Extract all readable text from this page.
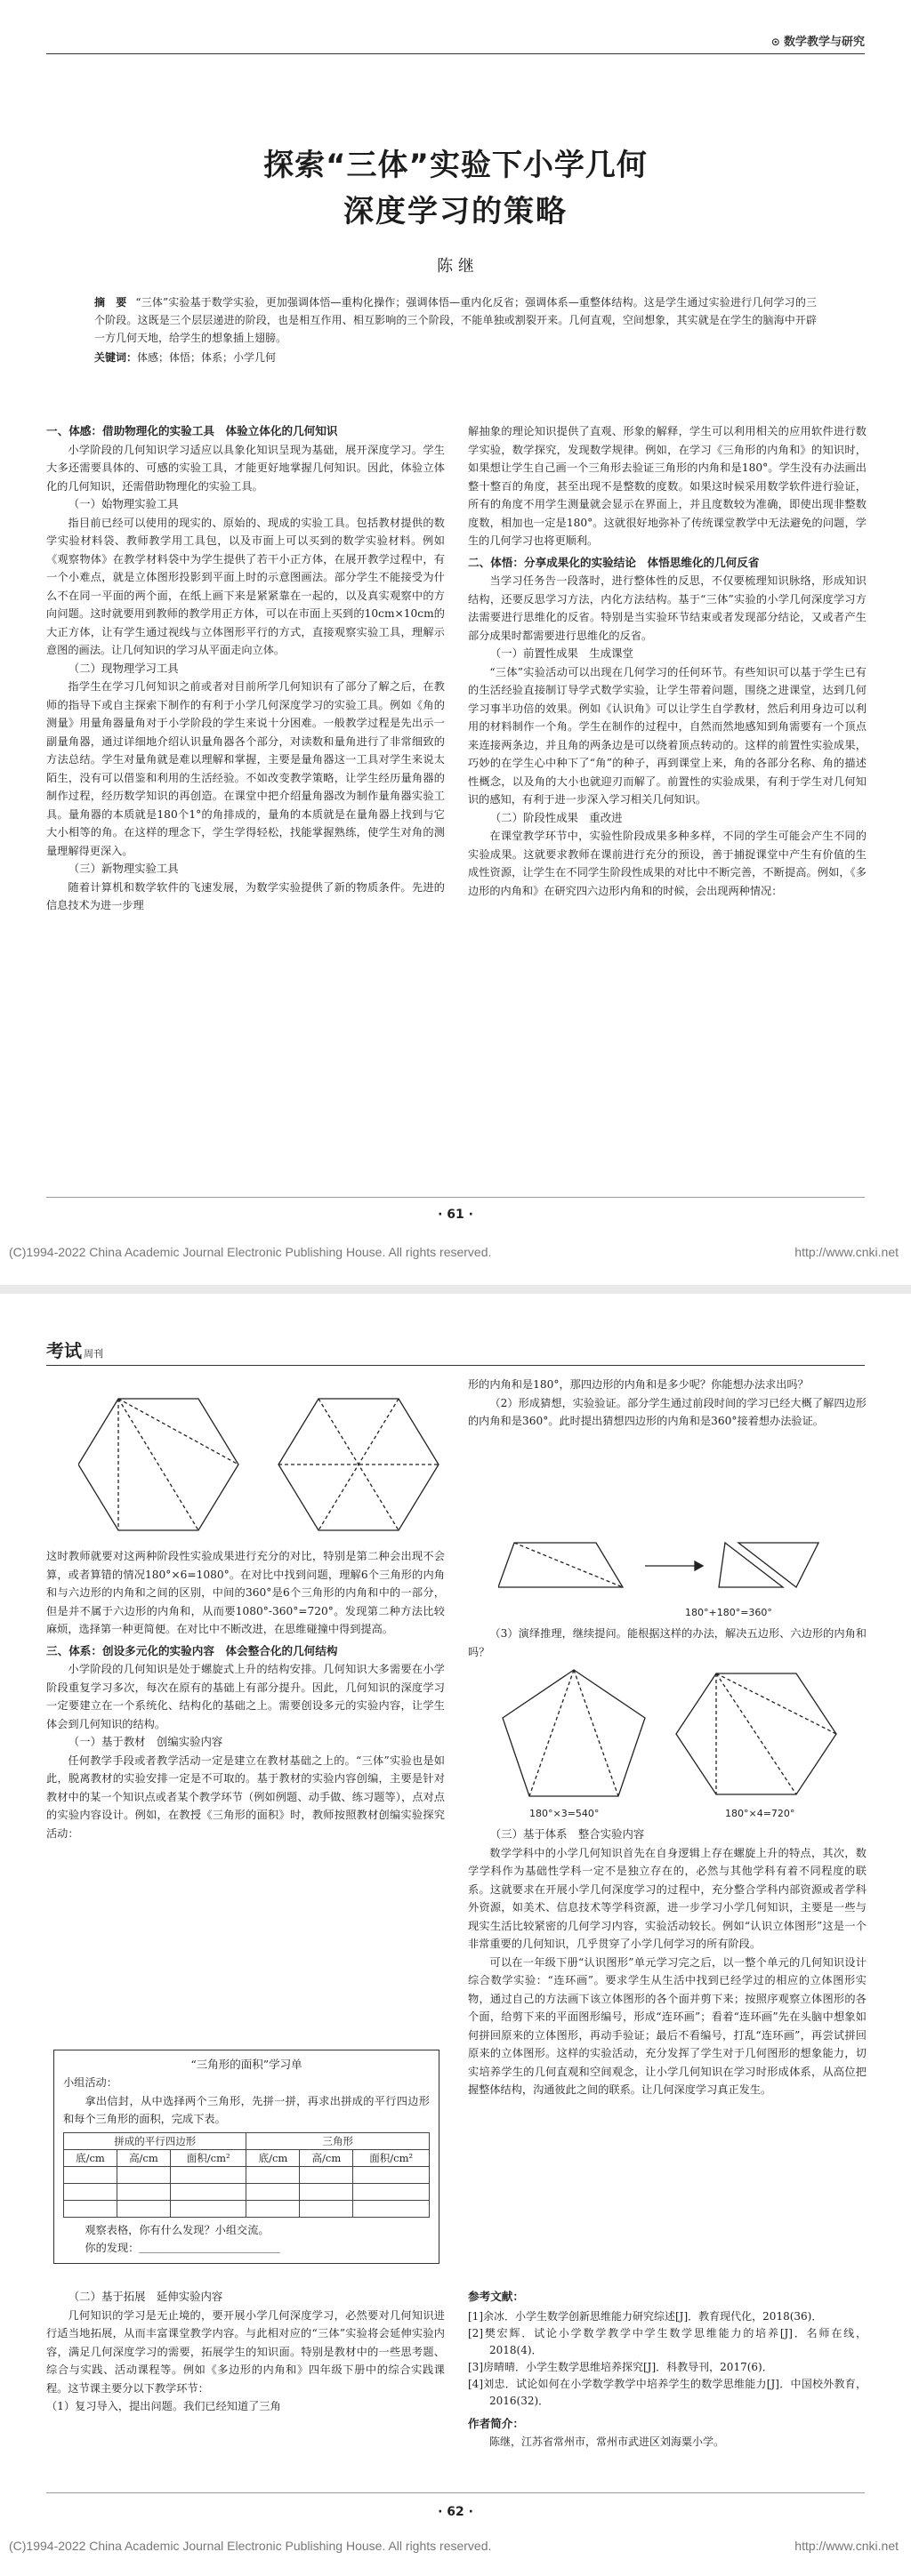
⊙ 数学教学与研究
探索“三体”实验下小学几何
深度学习的策略
陈 继

摘　要 “三体”实验基于数学实验，更加强调体悟—重构化操作；强调体悟—重内化反省；强调体系—重整体结构。这是学生通过实验进行几何学习的三个阶段。这既是三个层层递进的阶段，也是相互作用、相互影响的三个阶段，不能单独或割裂开来。几何直观，空间想象，其实就是在学生的脑海中开辟一方几何天地，给学生的想象插上翅膀。

关键词：体感；体悟；体系；小学几何

一、体感：借助物理化的实验工具　体验立体化的几何知识

小学阶段的几何知识学习适应以具象化知识呈现为基础，展开深度学习。学生大多还需要具体的、可感的实验工具，才能更好地掌握几何知识。因此，体验立体化的几何知识，还需借助物理化的实验工具。

（一）始物理实验工具

指目前已经可以使用的现实的、原始的、现成的实验工具。包括教材提供的数学实验材料袋、教师教学用工具包，以及市面上可以买到的数学实验材料。例如《观察物体》在教学材料袋中为学生提供了若干小正方体，在展开教学过程中，有一个小难点，就是立体图形投影到平面上时的示意图画法。部分学生不能接受为什么不在同一平面的两个面，在纸上画下来是紧紧靠在一起的，以及真实观察中的方向问题。这时就要用到教师的教学用正方体，可以在市面上买到的10cm×10cm的大正方体，让有学生通过视线与立体图形平行的方式，直接观察实验工具，理解示意图的画法。让几何知识的学习从平面走向立体。

（二）现物理学习工具

指学生在学习几何知识之前或者对目前所学几何知识有了部分了解之后，在教师的指导下或自主探索下制作的有利于小学几何深度学习的实验工具。例如《角的测量》用量角器量角对于小学阶段的学生来说十分困难。一般教学过程是先出示一副量角器，通过详细地介绍认识量角器各个部分，对读数和量角进行了非常细致的方法总结。学生对量角就是难以理解和掌握，主要是量角器这一工具对学生来说太陌生，没有可以借鉴和利用的生活经验。不如改变教学策略，让学生经历量角器的制作过程，经历数学知识的再创造。在课堂中把介绍量角器改为制作量角器实验工具。量角器的本质就是180个1°的角排成的，量角的本质就是在量角器上找到与它大小相等的角。在这样的理念下，学生学得轻松，找能掌握熟练，使学生对角的测量理解得更深入。

（三）新物理实验工具

随着计算机和数学软件的飞速发展，为数学实验提供了新的物质条件。先进的信息技术为进一步理

解抽象的理论知识提供了直观、形象的解释，学生可以利用相关的应用软件进行数学实验，数学探究，发现数学规律。例如，在学习《三角形的内角和》的知识时，如果想让学生自己画一个三角形去验证三角形的内角和是180°。学生没有办法画出整十整百的角度，甚至出现不是整数的度数。如果这时候采用数学软件进行验证，所有的角度不用学生测量就会显示在界面上，并且度数较为准确，即使出现非整数度数，相加也一定是180°。这就很好地弥补了传统课堂教学中无法避免的问题，学生的几何学习也将更顺利。

二、体悟：分享成果化的实验结论　体悟思维化的几何反省

当学习任务告一段落时，进行整体性的反思，不仅要梳理知识脉络，形成知识结构，还要反思学习方法，内化方法结构。基于“三体”实验的小学几何深度学习方法需要进行思维化的反省。特别是当实验环节结束或者发现部分结论，又或者产生部分成果时都需要进行思维化的反省。

（一）前置性成果　生成课堂

“三体”实验活动可以出现在几何学习的任何环节。有些知识可以基于学生已有的生活经验直接制订导学式数学实验，让学生带着问题，围绕之进课堂，达到几何学习事半功倍的效果。例如《认识角》可以让学生自学教材，然后利用身边可以利用的材料制作一个角。学生在制作的过程中，自然而然地感知到角需要有一个顶点来连接两条边，并且角的两条边是可以绕着顶点转动的。这样的前置性实验成果，巧妙的在学生心中种下了“角”的种子，再到课堂上来，角的各部分名称、角的描述性概念，以及角的大小也就迎刃而解了。前置性的实验成果，有利于学生对几何知识的感知，有利于进一步深入学习相关几何知识。

（二）阶段性成果　重改进

在课堂教学环节中，实验性阶段成果多种多样，不同的学生可能会产生不同的实验成果。这就要求教师在课前进行充分的预设，善于捕捉课堂中产生有价值的生成性资源，让学生在不同学生阶段性成果的对比中不断完善，不断提高。例如，《多边形的内角和》在研究四六边形内角和的时候，会出现两种情况：

· 61 ·
(C)1994-2022 China Academic Journal Electronic Publishing House. All rights reserved.	http://www.cnki.net
考试 周刊

这时教师就要对这两种阶段性实验成果进行充分的对比，特别是第二种会出现不会算，或者算错的情况180°×6=1080°。在对比中找到问题，理解6个三角形的内角和与六边形的内角和之间的区别，中间的360°是6个三角形的内角和中的一部分，但是并不属于六边形的内角和，从而要1080°-360°=720°。发现第二种方法比较麻烦，选择第一种更简便。在对比中不断改进，在思维碰撞中得到提高。

三、体系：创设多元化的实验内容　体会整合化的几何结构

小学阶段的几何知识是处于螺旋式上升的结构安排。几何知识大多需要在小学阶段重复学习多次，每次在原有的基础上有部分提升。因此，几何知识的深度学习一定要建立在一个系统化、结构化的基础之上。需要创设多元的实验内容，让学生体会到几何知识的结构。

（一）基于教材　创编实验内容

任何教学手段或者教学活动一定是建立在教材基础之上的。“三体”实验也是如此，脱离教材的实验安排一定是不可取的。基于教材的实验内容创编，主要是针对教材中的某一个知识点或者某个教学环节（例如例题、动手做、练习题等），点对点的实验内容设计。例如，在教授《三角形的面积》时，教师按照教材创编实验探究活动：

“三角形的面积”学习单

小组活动：

拿出信封，从中选择两个三角形，先拼一拼，再求出拼成的平行四边形和每个三角形的面积，完成下表。

拼成的平行四边形			三角形		
底/cm	高/cm	面积/cm²	底/cm	高/cm	面积/cm²

观察表格，你有什么发现？小组交流。

你的发现：＿＿＿＿＿＿＿＿＿＿＿＿＿

（二）基于拓展　延伸实验内容

几何知识的学习是无止境的，要开展小学几何深度学习，必然要对几何知识进行适当地拓展，从而丰富课堂教学内容。与此相对应的“三体”实验将会延伸实验内容，满足几何深度学习的需要，拓展学生的知识面。特别是教材中的一些思考题、综合与实践、活动课程等。例如《多边形的内角和》四年级下册中的综合实践课程。这节课主要分以下教学环节：

（1）复习导入，提出问题。我们已经知道了三角

形的内角和是180°，那四边形的内角和是多少呢？你能想办法求出吗？

（2）形成猜想，实验验证。部分学生通过前段时间的学习已经大概了解四边形的内角和是360°。此时提出猜想四边形的内角和是360°接着想办法验证。

180°+180°=360°

（3）演绎推理，继续提问。能根据这样的办法，解决五边形、六边形的内角和吗？

180°×3=540°	180°×4=720°

（三）基于体系　整合实验内容

数学学科中的小学几何知识首先在自身逻辑上存在螺旋上升的特点，其次，数学学科作为基础性学科一定不是独立存在的，必然与其他学科有着不同程度的联系。这就要求在开展小学几何深度学习的过程中，充分整合学科内部资源或者学科外资源，如美术、信息技术等学科资源，进一步学习小学几何知识，主要是一些与现实生活比较紧密的几何学习内容，实验活动较长。例如“认识立体图形”这是一个非常重要的几何知识，几乎贯穿了小学几何学习的所有阶段。

可以在一年级下册“认识图形”单元学习完之后，以一整个单元的几何知识设计综合数学实验：“连环画”。要求学生从生活中找到已经学过的相应的立体图形实物，通过自己的方法画下该立体图形的各个面并剪下来；按照序观察立体图形的各个面，给剪下来的平面图形编号，形成“连环画”；看着“连环画”先在头脑中想象如何拼回原来的立体图形，再动手验证；最后不看编号，打乱“连环画”，再尝试拼回原来的立体图形。这样的实验活动，充分发挥了学生对于几何图形的想象能力，切实培养学生的几何直观和空间观念，让小学几何知识在学习时形成体系，从高位把握整体结构，沟通彼此之间的联系。让几何深度学习真正发生。

参考文献：

[1]余冰．小学生数学创新思维能力研究综述[J]．教育现代化，2018(36)．

[2]樊宏辉．试论小学数学教学中学生数学思维能力的培养[J]．名师在线，2018(4)．

[3]房晴晴．小学生数学思维培养探究[J]．科教导刊，2017(6)．

[4]刘忠．试论如何在小学数学教学中培养学生的数学思维能力[J]．中国校外教育，2016(32)．

作者简介：

陈继，江苏省常州市，常州市武进区刘海粟小学。

· 62 ·
(C)1994-2022 China Academic Journal Electronic Publishing House. All rights reserved.	http://www.cnki.net
